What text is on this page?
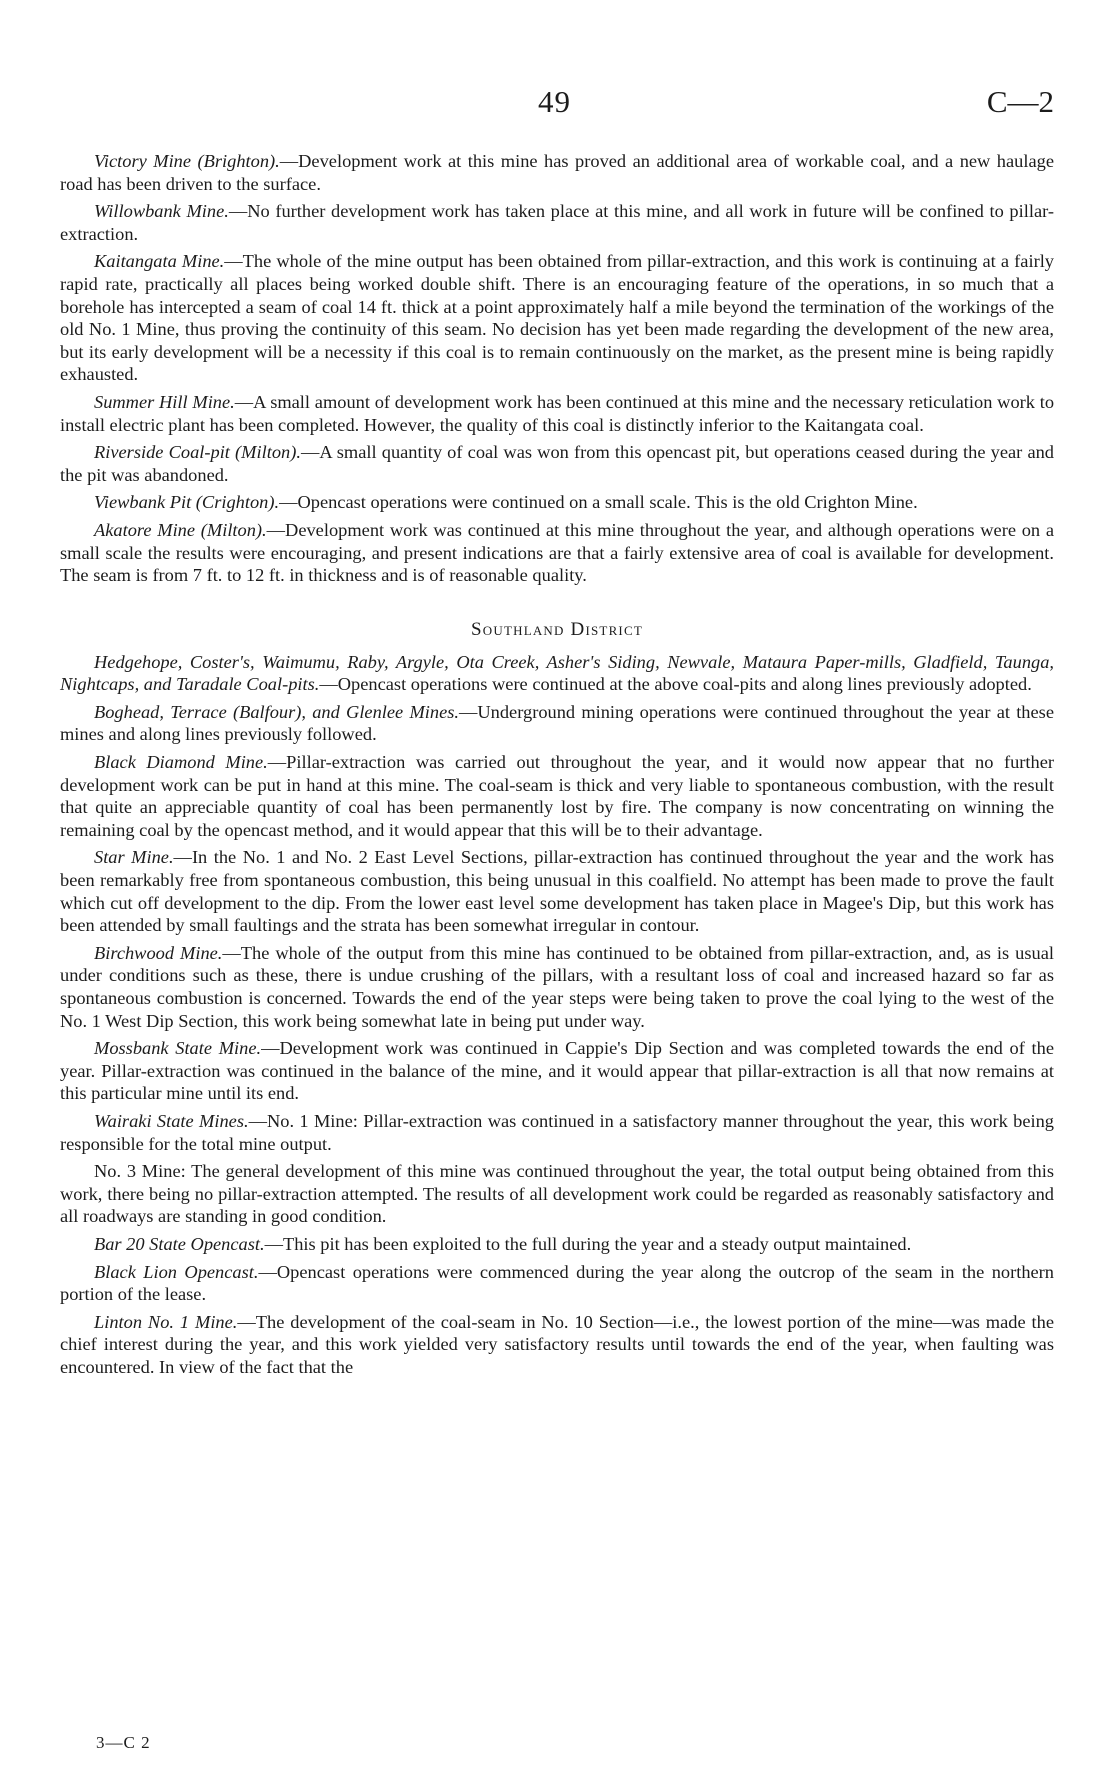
49	C—2

Victory Mine (Brighton).—Development work at this mine has proved an additional area of workable coal, and a new haulage road has been driven to the surface.

Willowbank Mine.—No further development work has taken place at this mine, and all work in future will be confined to pillar-extraction.

Kaitangata Mine.—The whole of the mine output has been obtained from pillar-extraction, and this work is continuing at a fairly rapid rate, practically all places being worked double shift. There is an encouraging feature of the operations, in so much that a borehole has intercepted a seam of coal 14 ft. thick at a point approximately half a mile beyond the termination of the workings of the old No. 1 Mine, thus proving the continuity of this seam. No decision has yet been made regarding the development of the new area, but its early development will be a necessity if this coal is to remain continuously on the market, as the present mine is being rapidly exhausted.

Summer Hill Mine.—A small amount of development work has been continued at this mine and the necessary reticulation work to install electric plant has been completed. However, the quality of this coal is distinctly inferior to the Kaitangata coal.

Riverside Coal-pit (Milton).—A small quantity of coal was won from this opencast pit, but operations ceased during the year and the pit was abandoned.

Viewbank Pit (Crighton).—Opencast operations were continued on a small scale. This is the old Crighton Mine.

Akatore Mine (Milton).—Development work was continued at this mine throughout the year, and although operations were on a small scale the results were encouraging, and present indications are that a fairly extensive area of coal is available for development. The seam is from 7 ft. to 12 ft. in thickness and is of reasonable quality.

Southland District

Hedgehope, Coster's, Waimumu, Raby, Argyle, Ota Creek, Asher's Siding, Newvale, Mataura Paper-mills, Gladfield, Taunga, Nightcaps, and Taradale Coal-pits.—Opencast operations were continued at the above coal-pits and along lines previously adopted.

Boghead, Terrace (Balfour), and Glenlee Mines.—Underground mining operations were continued throughout the year at these mines and along lines previously followed.

Black Diamond Mine.—Pillar-extraction was carried out throughout the year, and it would now appear that no further development work can be put in hand at this mine. The coal-seam is thick and very liable to spontaneous combustion, with the result that quite an appreciable quantity of coal has been permanently lost by fire. The company is now concentrating on winning the remaining coal by the opencast method, and it would appear that this will be to their advantage.

Star Mine.—In the No. 1 and No. 2 East Level Sections, pillar-extraction has continued throughout the year and the work has been remarkably free from spontaneous combustion, this being unusual in this coalfield. No attempt has been made to prove the fault which cut off development to the dip. From the lower east level some development has taken place in Magee's Dip, but this work has been attended by small faultings and the strata has been somewhat irregular in contour.

Birchwood Mine.—The whole of the output from this mine has continued to be obtained from pillar-extraction, and, as is usual under conditions such as these, there is undue crushing of the pillars, with a resultant loss of coal and increased hazard so far as spontaneous combustion is concerned. Towards the end of the year steps were being taken to prove the coal lying to the west of the No. 1 West Dip Section, this work being somewhat late in being put under way.

Mossbank State Mine.—Development work was continued in Cappie's Dip Section and was completed towards the end of the year. Pillar-extraction was continued in the balance of the mine, and it would appear that pillar-extraction is all that now remains at this particular mine until its end.

Wairaki State Mines.—No. 1 Mine: Pillar-extraction was continued in a satisfactory manner throughout the year, this work being responsible for the total mine output.

No. 3 Mine: The general development of this mine was continued throughout the year, the total output being obtained from this work, there being no pillar-extraction attempted. The results of all development work could be regarded as reasonably satisfactory and all roadways are standing in good condition.

Bar 20 State Opencast.—This pit has been exploited to the full during the year and a steady output maintained.

Black Lion Opencast.—Opencast operations were commenced during the year along the outcrop of the seam in the northern portion of the lease.

Linton No. 1 Mine.—The development of the coal-seam in No. 10 Section—i.e., the lowest portion of the mine—was made the chief interest during the year, and this work yielded very satisfactory results until towards the end of the year, when faulting was encountered. In view of the fact that the

3—C 2
